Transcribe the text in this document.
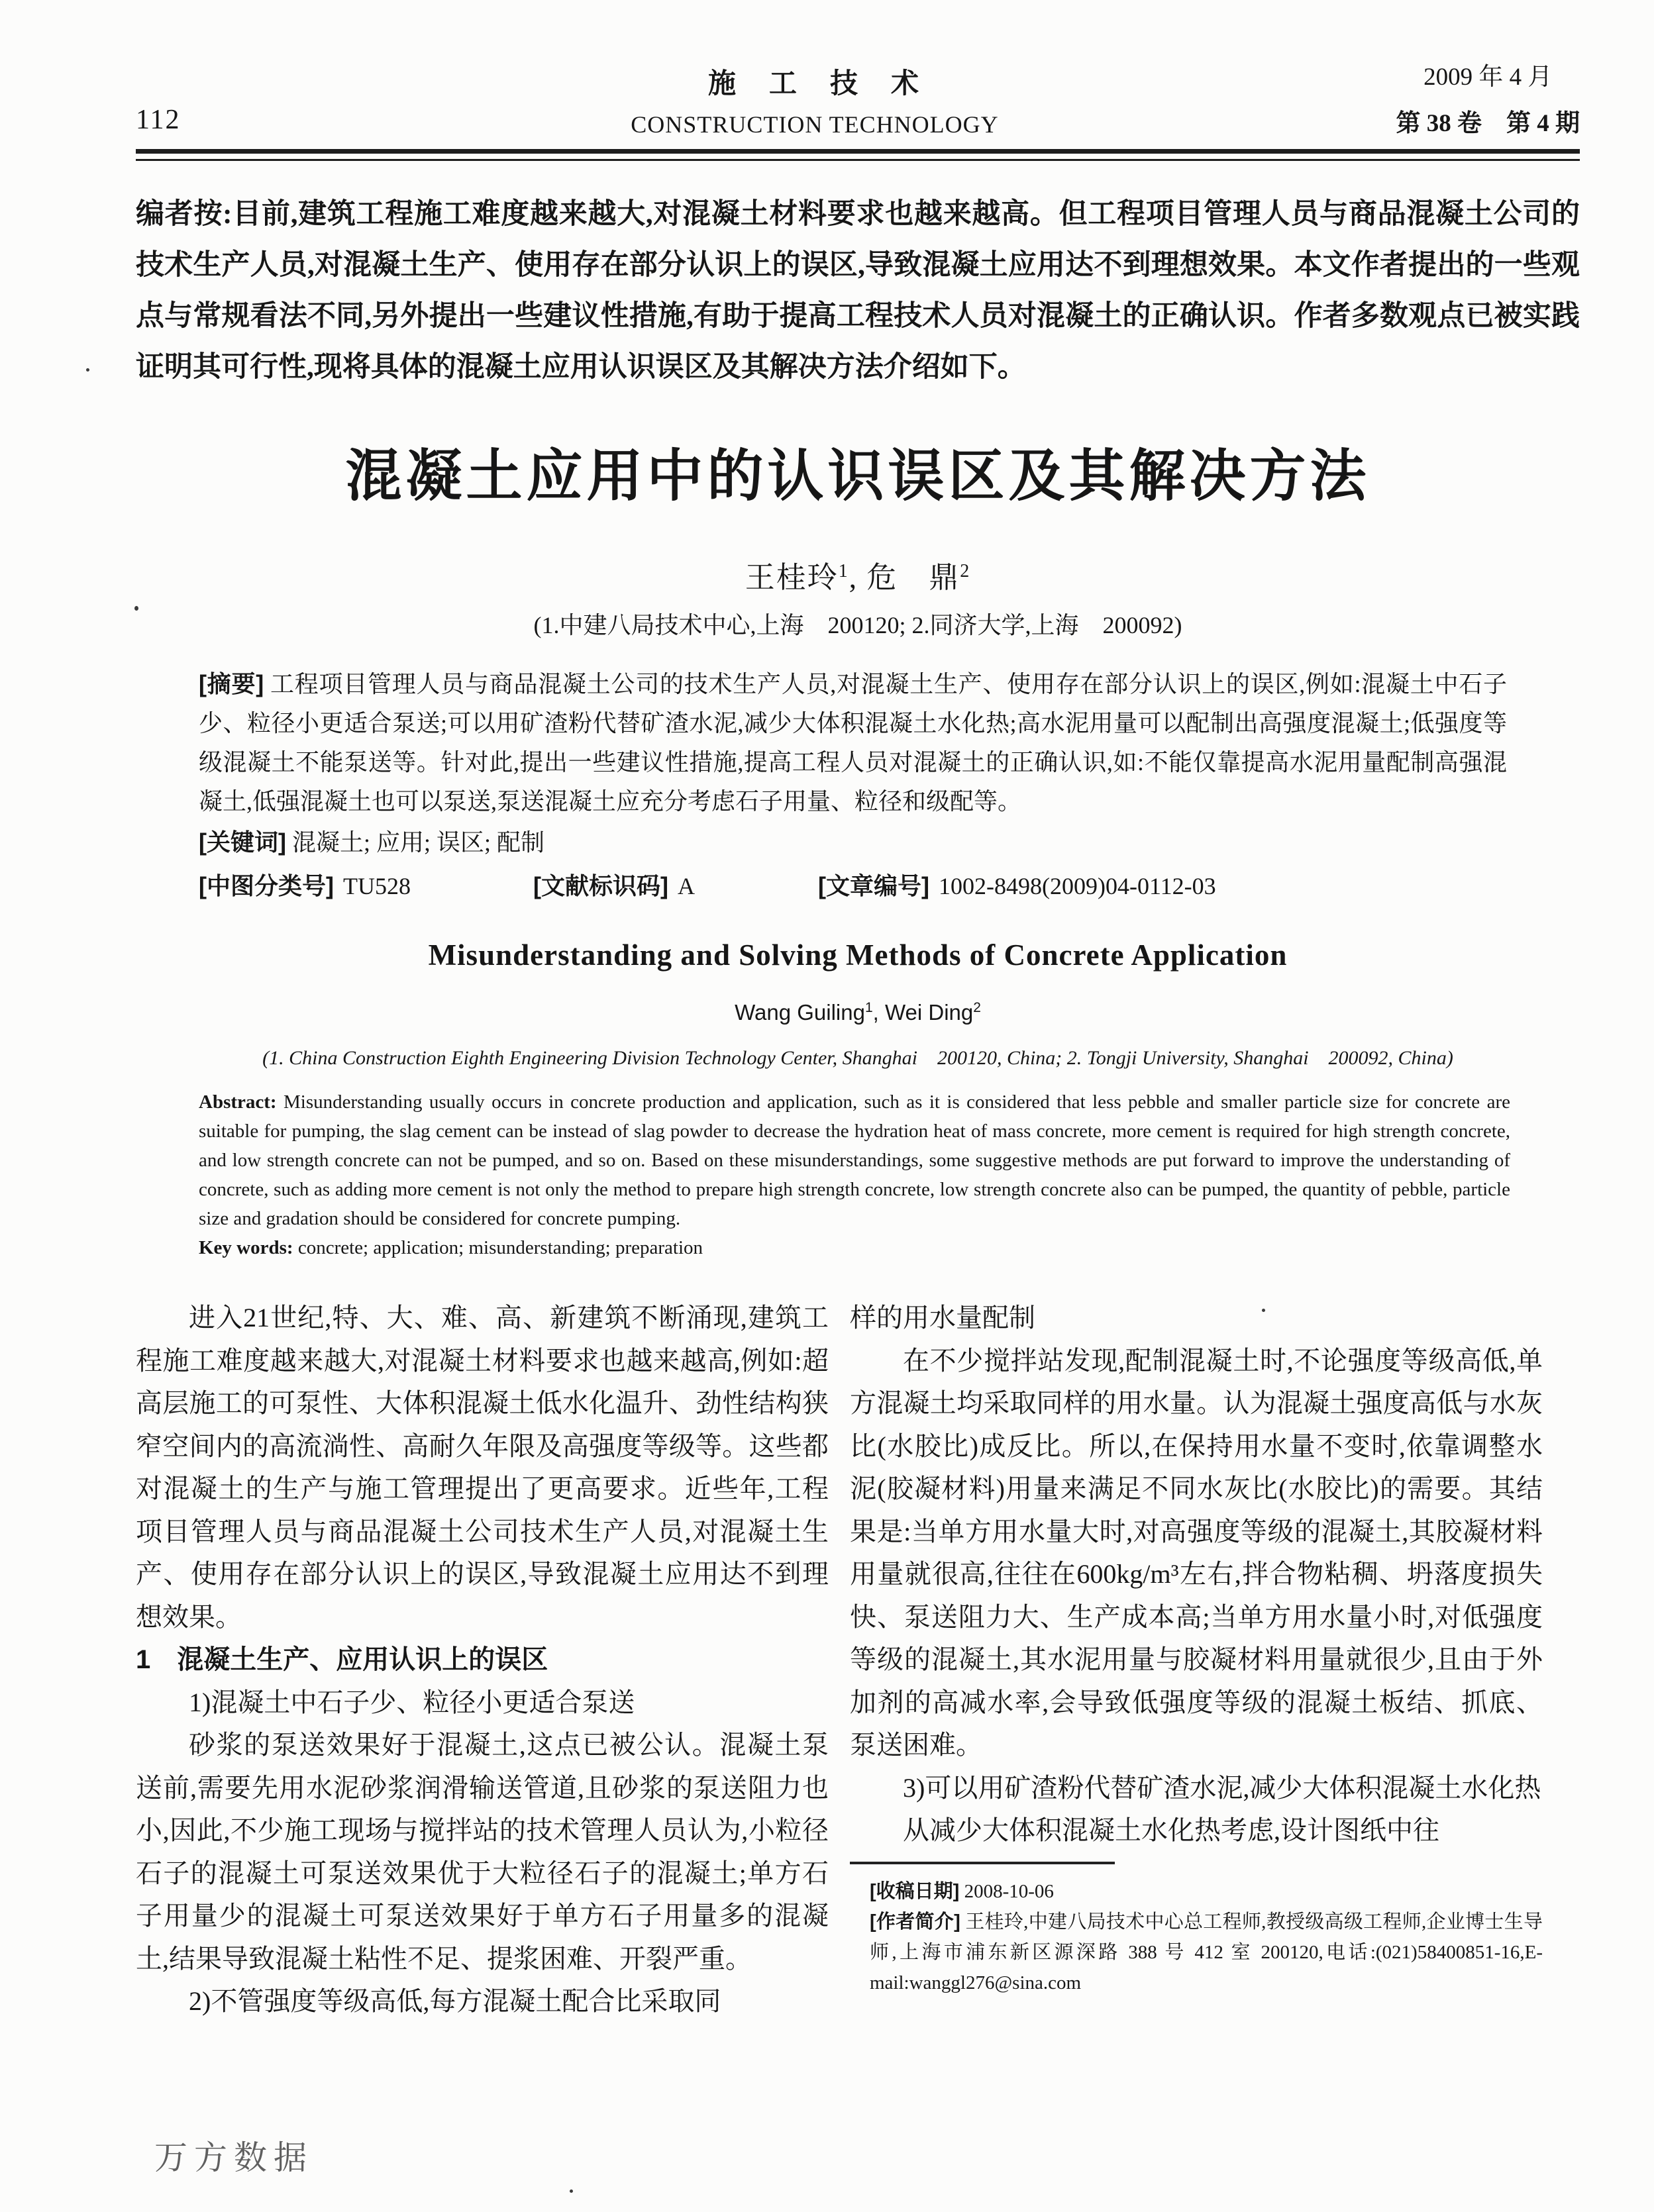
112
施　工　技　术
CONSTRUCTION TECHNOLOGY
2009 年 4 月
第 38 卷　第 4 期
编者按:目前,建筑工程施工难度越来越大,对混凝土材料要求也越来越高。但工程项目管理人员与商品混凝土公司的技术生产人员,对混凝土生产、使用存在部分认识上的误区,导致混凝土应用达不到理想效果。本文作者提出的一些观点与常规看法不同,另外提出一些建议性措施,有助于提高工程技术人员对混凝土的正确认识。作者多数观点已被实践证明其可行性,现将具体的混凝土应用认识误区及其解决方法介绍如下。
混凝土应用中的认识误区及其解决方法
王桂玲$^1$, 危　鼎$^2$
(1.中建八局技术中心,上海　200120; 2.同济大学,上海　200092)
[摘要] 工程项目管理人员与商品混凝土公司的技术生产人员,对混凝土生产、使用存在部分认识上的误区,例如:混凝土中石子少、粒径小更适合泵送;可以用矿渣粉代替矿渣水泥,减少大体积混凝土水化热;高水泥用量可以配制出高强度混凝土;低强度等级混凝土不能泵送等。针对此,提出一些建议性措施,提高工程人员对混凝土的正确认识,如:不能仅靠提高水泥用量配制高强混凝土,低强混凝土也可以泵送,泵送混凝土应充分考虑石子用量、粒径和级配等。
[关键词] 混凝土; 应用; 误区; 配制
[中图分类号] TU528	[文献标识码] A	[文章编号] 1002-8498(2009)04-0112-03
Misunderstanding and Solving Methods of Concrete Application
Wang Guiling$^1$, Wei Ding$^2$
(1. China Construction Eighth Engineering Division Technology Center, Shanghai　200120, China; 2. Tongji University, Shanghai　200092, China)

Abstract: Misunderstanding usually occurs in concrete production and application, such as it is considered that less pebble and smaller particle size for concrete are suitable for pumping, the slag cement can be instead of slag powder to decrease the hydration heat of mass concrete, more cement is required for high strength concrete, and low strength concrete can not be pumped, and so on. Based on these misunderstandings, some suggestive methods are put forward to improve the understanding of concrete, such as adding more cement is not only the method to prepare high strength concrete, low strength concrete also can be pumped, the quantity of pebble, particle size and gradation should be considered for concrete pumping.

Key words: concrete; application; misunderstanding; preparation

进入21世纪,特、大、难、高、新建筑不断涌现,建筑工程施工难度越来越大,对混凝土材料要求也越来越高,例如:超高层施工的可泵性、大体积混凝土低水化温升、劲性结构狭窄空间内的高流淌性、高耐久年限及高强度等级等。这些都对混凝土的生产与施工管理提出了更高要求。近些年,工程项目管理人员与商品混凝土公司技术生产人员,对混凝土生产、使用存在部分认识上的误区,导致混凝土应用达不到理想效果。

1　混凝土生产、应用认识上的误区

1)混凝土中石子少、粒径小更适合泵送

砂浆的泵送效果好于混凝土,这点已被公认。混凝土泵送前,需要先用水泥砂浆润滑输送管道,且砂浆的泵送阻力也小,因此,不少施工现场与搅拌站的技术管理人员认为,小粒径石子的混凝土可泵送效果优于大粒径石子的混凝土;单方石子用量少的混凝土可泵送效果好于单方石子用量多的混凝土,结果导致混凝土粘性不足、提浆困难、开裂严重。

2)不管强度等级高低,每方混凝土配合比采取同

样的用水量配制

在不少搅拌站发现,配制混凝土时,不论强度等级高低,单方混凝土均采取同样的用水量。认为混凝土强度高低与水灰比(水胶比)成反比。所以,在保持用水量不变时,依靠调整水泥(胶凝材料)用量来满足不同水灰比(水胶比)的需要。其结果是:当单方用水量大时,对高强度等级的混凝土,其胶凝材料用量就很高,往往在600kg/m³左右,拌合物粘稠、坍落度损失快、泵送阻力大、生产成本高;当单方用水量小时,对低强度等级的混凝土,其水泥用量与胶凝材料用量就很少,且由于外加剂的高减水率,会导致低强度等级的混凝土板结、抓底、泵送困难。

3)可以用矿渣粉代替矿渣水泥,减少大体积混凝土水化热

从减少大体积混凝土水化热考虑,设计图纸中往

[收稿日期] 2008-10-06

[作者简介] 王桂玲,中建八局技术中心总工程师,教授级高级工程师,企业博士生导师,上海市浦东新区源深路 388 号 412 室 200120,电话:(021)58400851-16,E-mail:wanggl276@sina.com

万方数据
